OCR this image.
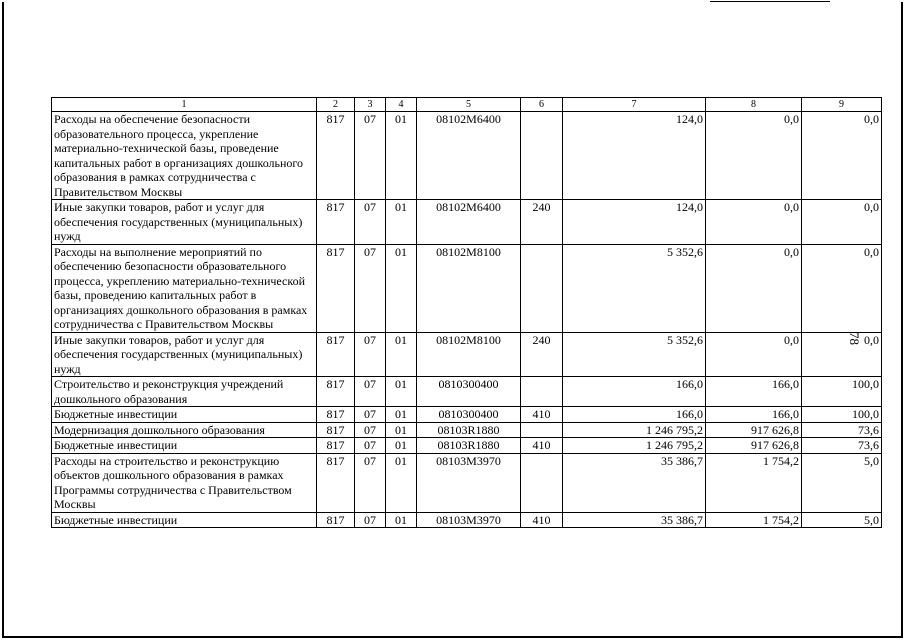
78
1	2	3	4	5	6	7	8	9
Расходы на обеспечение безопасности образовательного процесса, укрепление материально-технической базы, проведение капитальных работ в организациях дошкольного образования в рамках сотрудничества с Правительством Москвы	817	07	01	08102М6400		124,0	0,0	0,0
Иные закупки товаров, работ и услуг для обеспечения государственных (муниципальных) нужд	817	07	01	08102М6400	240	124,0	0,0	0,0
Расходы на выполнение мероприятий по обеспечению безопасности образовательного процесса, укреплению материально-технической базы, проведению капитальных работ в организациях дошкольного образования в рамках сотрудничества с Правительством Москвы	817	07	01	08102М8100		5 352,6	0,0	0,0
Иные закупки товаров, работ и услуг для обеспечения государственных (муниципальных) нужд	817	07	01	08102М8100	240	5 352,6	0,0	0,0
Строительство и реконструкция учреждений дошкольного образования	817	07	01	0810300400		166,0	166,0	100,0
Бюджетные инвестиции	817	07	01	0810300400	410	166,0	166,0	100,0
Модернизация дошкольного образования	817	07	01	08103R1880		1 246 795,2	917 626,8	73,6
Бюджетные инвестиции	817	07	01	08103R1880	410	1 246 795,2	917 626,8	73,6
Расходы на строительство и реконструкцию объектов дошкольного образования в рамках Программы сотрудничества с Правительством Москвы	817	07	01	08103М3970		35 386,7	1 754,2	5,0
Бюджетные инвестиции	817	07	01	08103М3970	410	35 386,7	1 754,2	5,0
